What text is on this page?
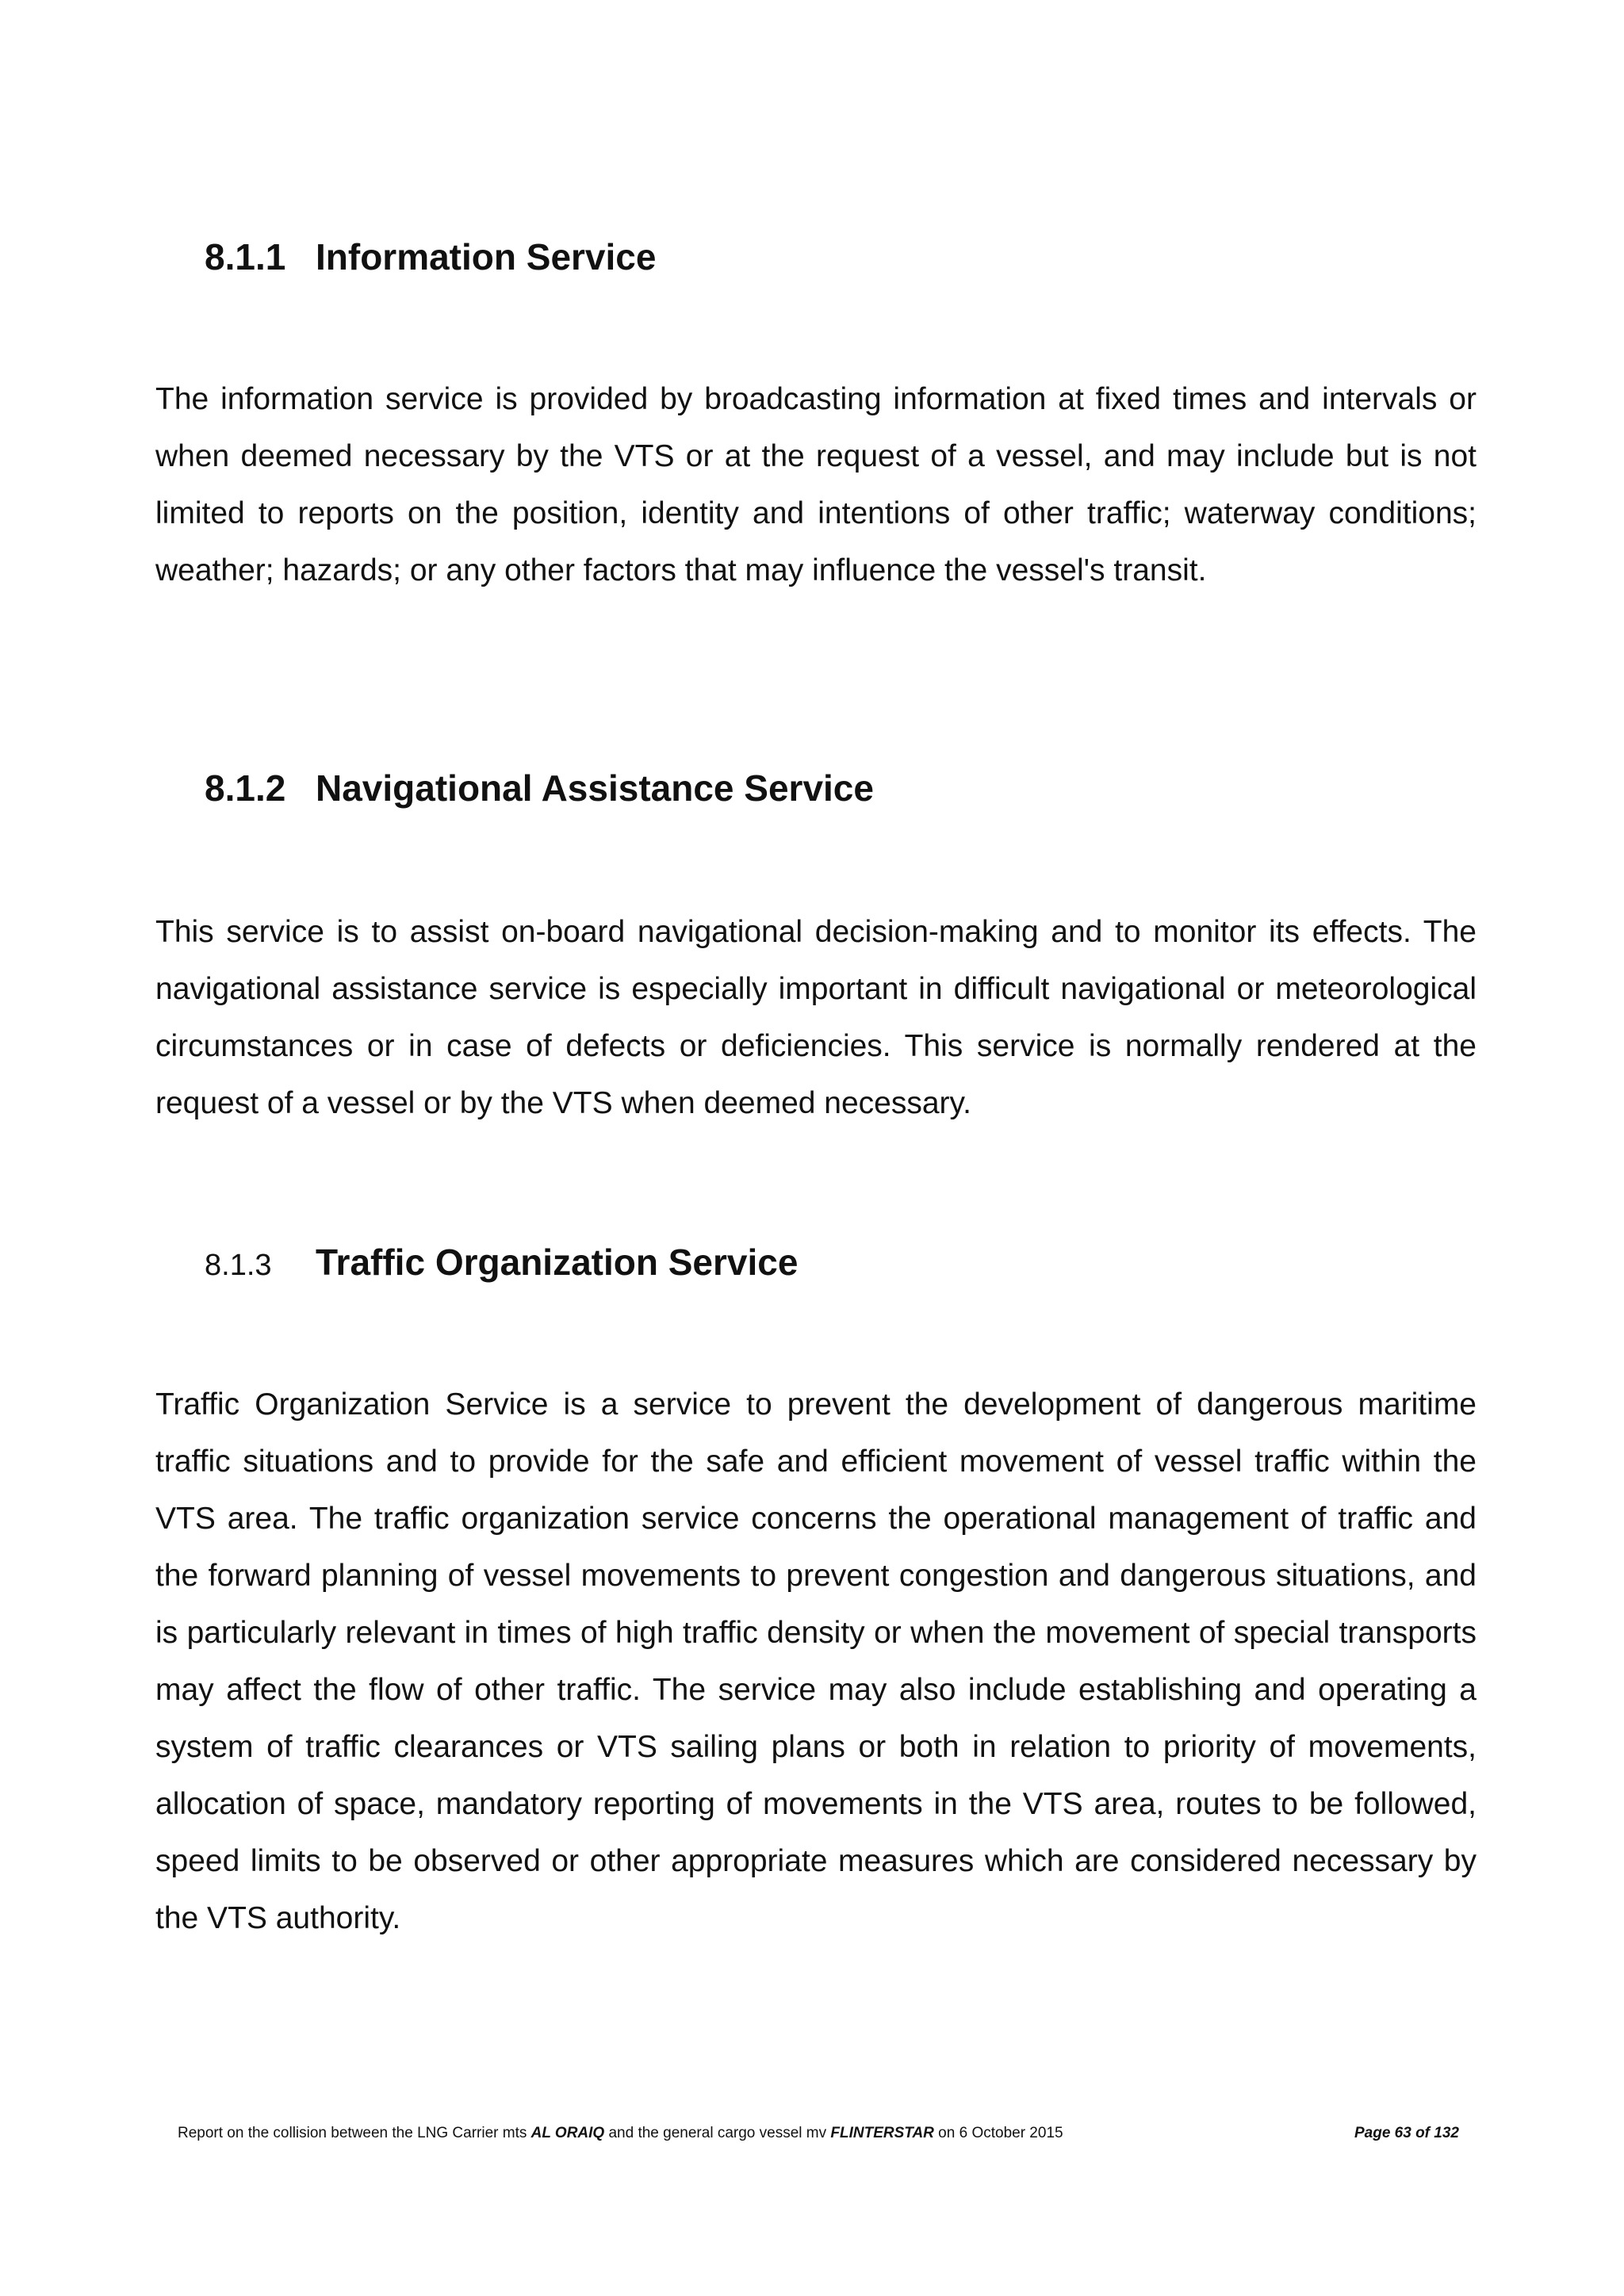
8.1.1 Information Service

The information service is provided by broadcasting information at fixed times and intervals or when deemed necessary by the VTS or at the request of a vessel, and may include but is not limited to reports on the position, identity and intentions of other traffic; waterway conditions; weather; hazards; or any other factors that may influence the vessel's transit.

8.1.2 Navigational Assistance Service

This service is to assist on-board navigational decision-making and to monitor its effects. The navigational assistance service is especially important in difficult navigational or meteorological circumstances or in case of defects or deficiencies. This service is normally rendered at the request of a vessel or by the VTS when deemed necessary.

8.1.3 Traffic Organization Service

Traffic Organization Service is a service to prevent the development of dangerous maritime traffic situations and to provide for the safe and efficient movement of vessel traffic within the VTS area. The traffic organization service concerns the operational management of traffic and the forward planning of vessel movements to prevent congestion and dangerous situations, and is particularly relevant in times of high traffic density or when the movement of special transports may affect the flow of other traffic. The service may also include establishing and operating a system of traffic clearances or VTS sailing plans or both in relation to priority of movements, allocation of space, mandatory reporting of movements in the VTS area, routes to be followed, speed limits to be observed or other appropriate measures which are considered necessary by the VTS authority.

Report on the collision between the LNG Carrier mts AL ORAIQ and the general cargo vessel mv FLINTERSTAR on 6 October 2015	Page 63 of 132
